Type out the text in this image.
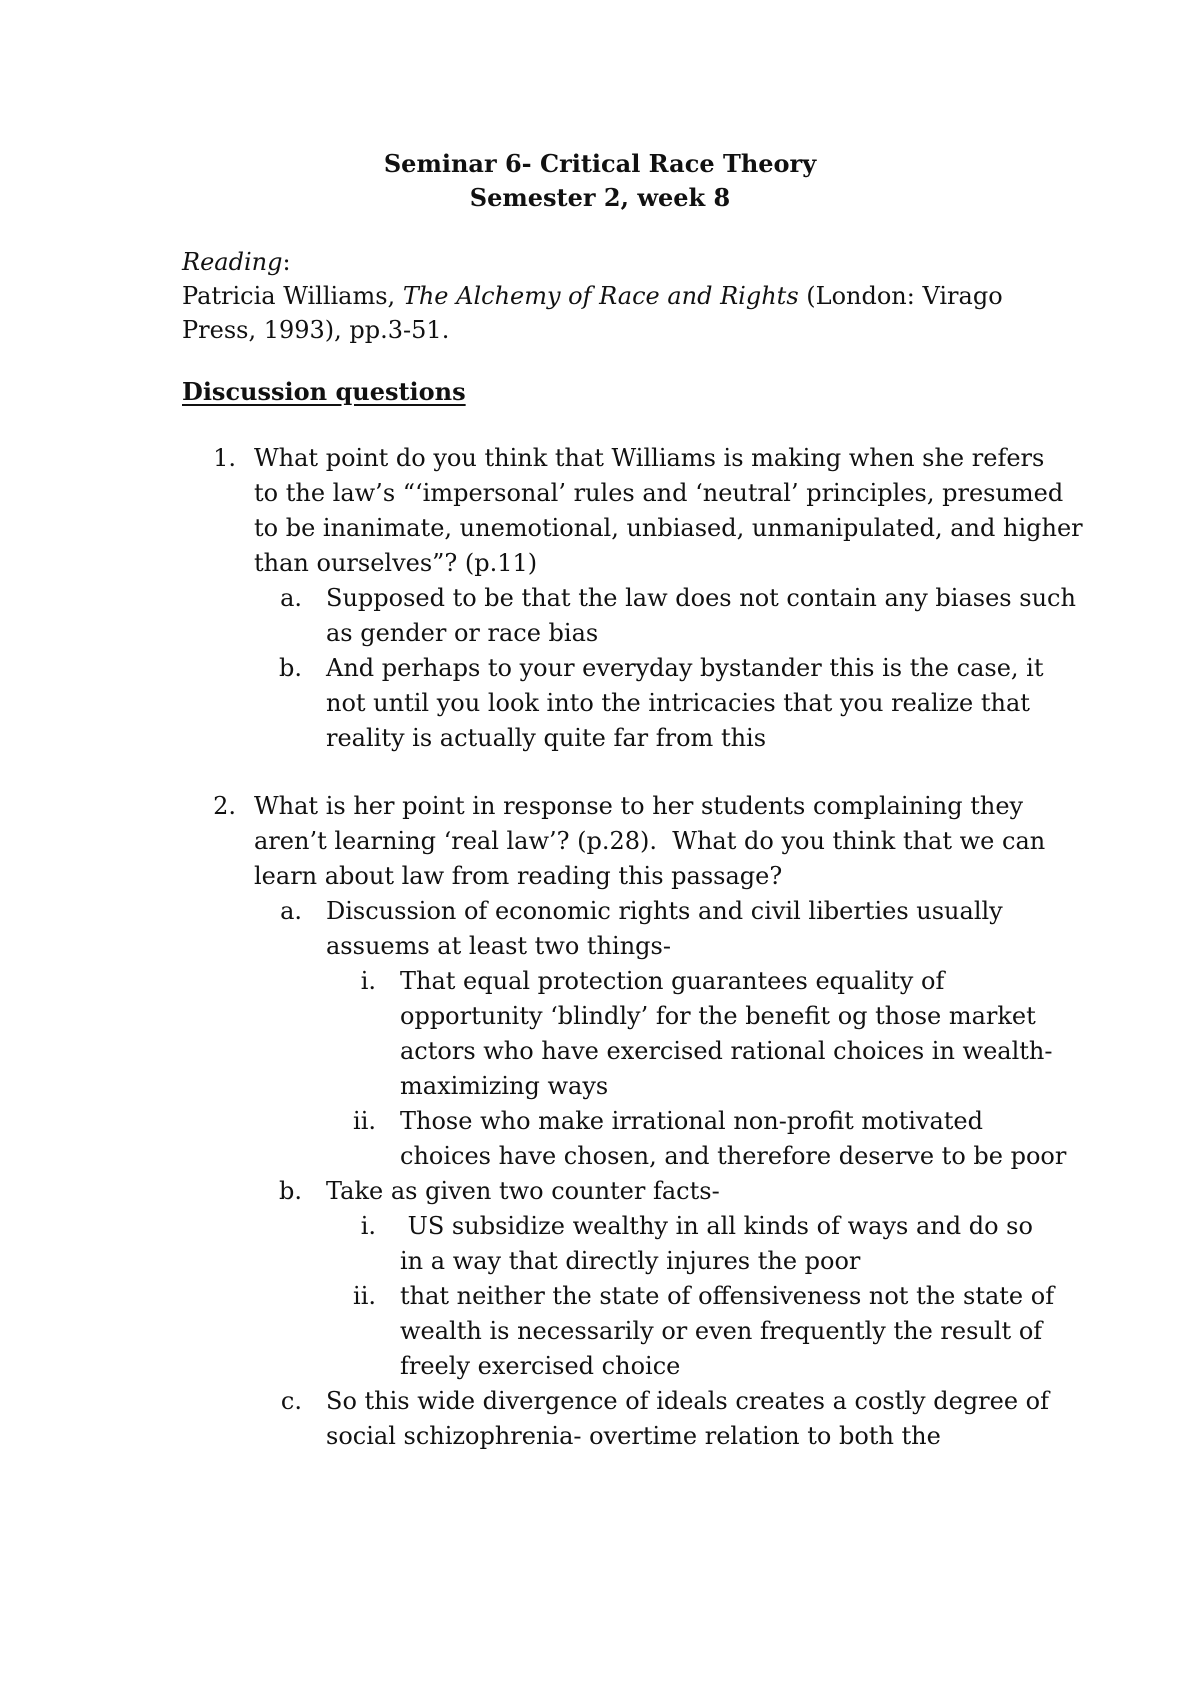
Seminar 6- Critical Race Theory
Semester 2, week 8
Reading:
Patricia Williams, The Alchemy of Race and Rights (London: Virago
Press, 1993), pp.3-51.
Discussion questions
1. What point do you think that Williams is making when she refers
to the law’s “‘impersonal’ rules and ‘neutral’ principles, presumed
to be inanimate, unemotional, unbiased, unmanipulated, and higher
than ourselves”? (p.11)
a. Supposed to be that the law does not contain any biases such
as gender or race bias
b. And perhaps to your everyday bystander this is the case, it
not until you look into the intricacies that you realize that
reality is actually quite far from this
2. What is her point in response to her students complaining they
aren’t learning ‘real law’? (p.28).  What do you think that we can
learn about law from reading this passage?
a. Discussion of economic rights and civil liberties usually
assuems at least two things-
i. That equal protection guarantees equality of
opportunity ‘blindly’ for the benefit og those market
actors who have exercised rational choices in wealth-
maximizing ways
ii. Those who make irrational non-profit motivated
choices have chosen, and therefore deserve to be poor
b. Take as given two counter facts-
i. US subsidize wealthy in all kinds of ways and do so
in a way that directly injures the poor
ii. that neither the state of offensiveness not the state of
wealth is necessarily or even frequently the result of
freely exercised choice
c. So this wide divergence of ideals creates a costly degree of
social schizophrenia- overtime relation to both the
